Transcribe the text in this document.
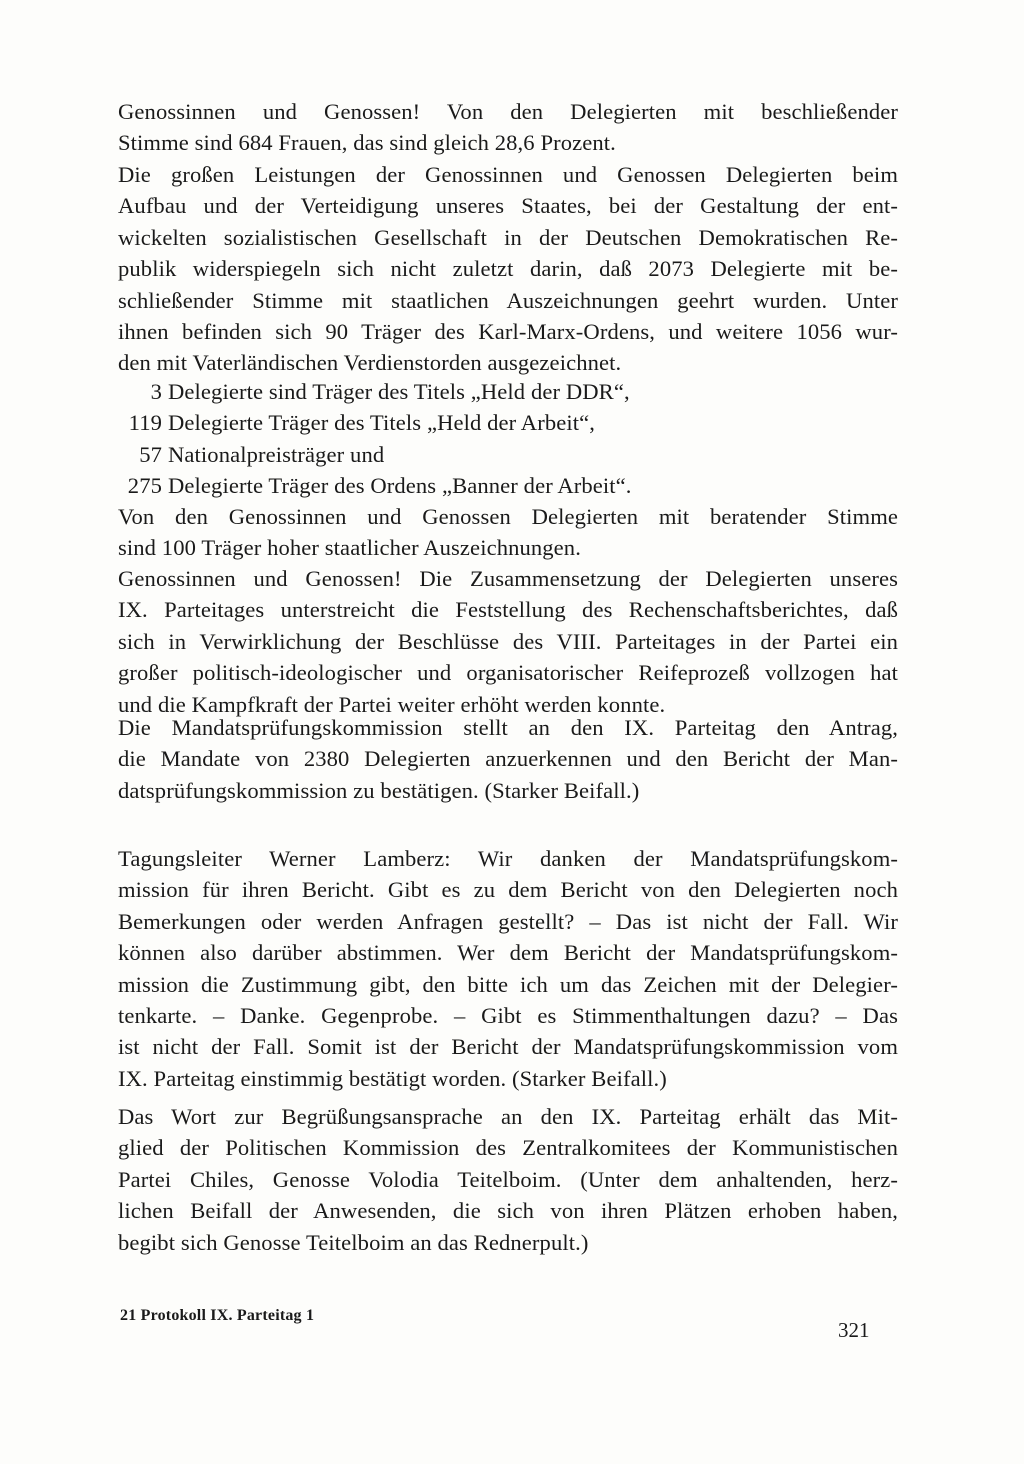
Genossinnen und Genossen! Von den Delegierten mit beschließender
Stimme sind 684 Frauen, das sind gleich 28,6 Prozent.
Die großen Leistungen der Genossinnen und Genossen Delegierten beim
Aufbau und der Verteidigung unseres Staates, bei der Gestaltung der ent-
wickelten sozialistischen Gesellschaft in der Deutschen Demokratischen Re-
publik widerspiegeln sich nicht zuletzt darin, daß 2073 Delegierte mit be-
schließender Stimme mit staatlichen Auszeichnungen geehrt wurden. Unter
ihnen befinden sich 90 Träger des Karl-Marx-Ordens, und weitere 1056 wur-
den mit Vaterländischen Verdienstorden ausgezeichnet.
3 Delegierte sind Träger des Titels „Held der DDR“,
119 Delegierte Träger des Titels „Held der Arbeit“,
57 Nationalpreisträger und
275 Delegierte Träger des Ordens „Banner der Arbeit“.
Von den Genossinnen und Genossen Delegierten mit beratender Stimme
sind 100 Träger hoher staatlicher Auszeichnungen.
Genossinnen und Genossen! Die Zusammensetzung der Delegierten unseres
IX. Parteitages unterstreicht die Feststellung des Rechenschaftsberichtes, daß
sich in Verwirklichung der Beschlüsse des VIII. Parteitages in der Partei ein
großer politisch-ideologischer und organisatorischer Reifeprozeß vollzogen hat
und die Kampfkraft der Partei weiter erhöht werden konnte.
Die Mandatsprüfungskommission stellt an den IX. Parteitag den Antrag,
die Mandate von 2380 Delegierten anzuerkennen und den Bericht der Man-
datsprüfungskommission zu bestätigen. (Starker Beifall.)
Tagungsleiter Werner Lamberz: Wir danken der Mandatsprüfungskom-
mission für ihren Bericht. Gibt es zu dem Bericht von den Delegierten noch
Bemerkungen oder werden Anfragen gestellt? – Das ist nicht der Fall. Wir
können also darüber abstimmen. Wer dem Bericht der Mandatsprüfungskom-
mission die Zustimmung gibt, den bitte ich um das Zeichen mit der Delegier-
tenkarte. – Danke. Gegenprobe. – Gibt es Stimmenthaltungen dazu? – Das
ist nicht der Fall. Somit ist der Bericht der Mandatsprüfungskommission vom
IX. Parteitag einstimmig bestätigt worden. (Starker Beifall.)
Das Wort zur Begrüßungsansprache an den IX. Parteitag erhält das Mit-
glied der Politischen Kommission des Zentralkomitees der Kommunistischen
Partei Chiles, Genosse Volodia Teitelboim. (Unter dem anhaltenden, herz-
lichen Beifall der Anwesenden, die sich von ihren Plätzen erhoben haben,
begibt sich Genosse Teitelboim an das Rednerpult.)
21 Protokoll IX. Parteitag 1
321
